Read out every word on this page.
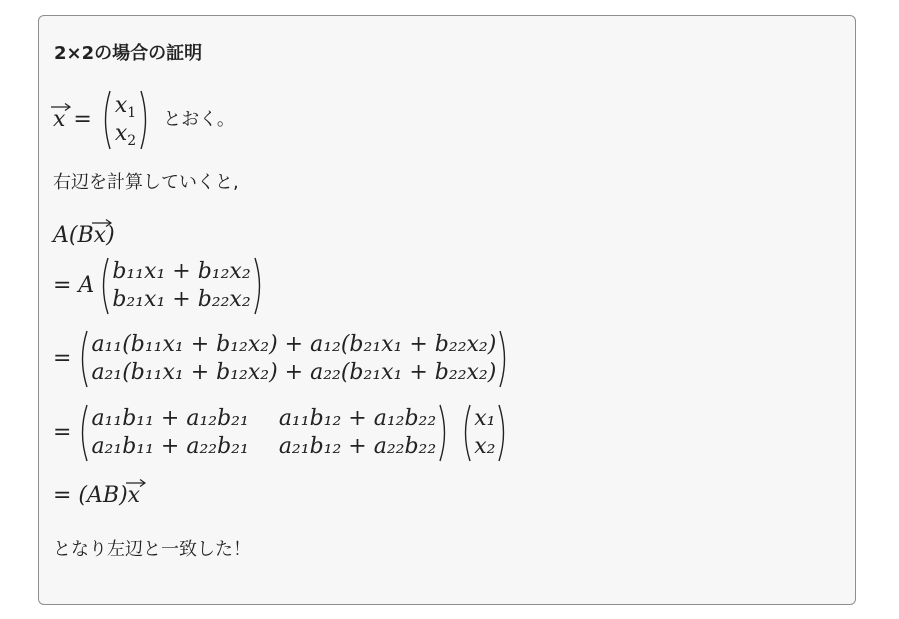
2×2の場合の証明
x =
$x_1$
$x_2$
とおく。
右辺を計算していくと,
A(B x )
= A
b₁₁x₁ + b₁₂x₂
b₂₁x₁ + b₂₂x₂
=
a₁₁(b₁₁x₁ + b₁₂x₂) + a₁₂(b₂₁x₁ + b₂₂x₂)
a₂₁(b₁₁x₁ + b₁₂x₂) + a₂₂(b₂₁x₁ + b₂₂x₂)
=
a₁₁b₁₁ + a₁₂b₂₁ a₁₁b₁₂ + a₁₂b₂₂
a₂₁b₁₁ + a₂₂b₂₁ a₂₁b₁₂ + a₂₂b₂₂
x₁
x₂
= (AB) x
となり左辺と一致した！
